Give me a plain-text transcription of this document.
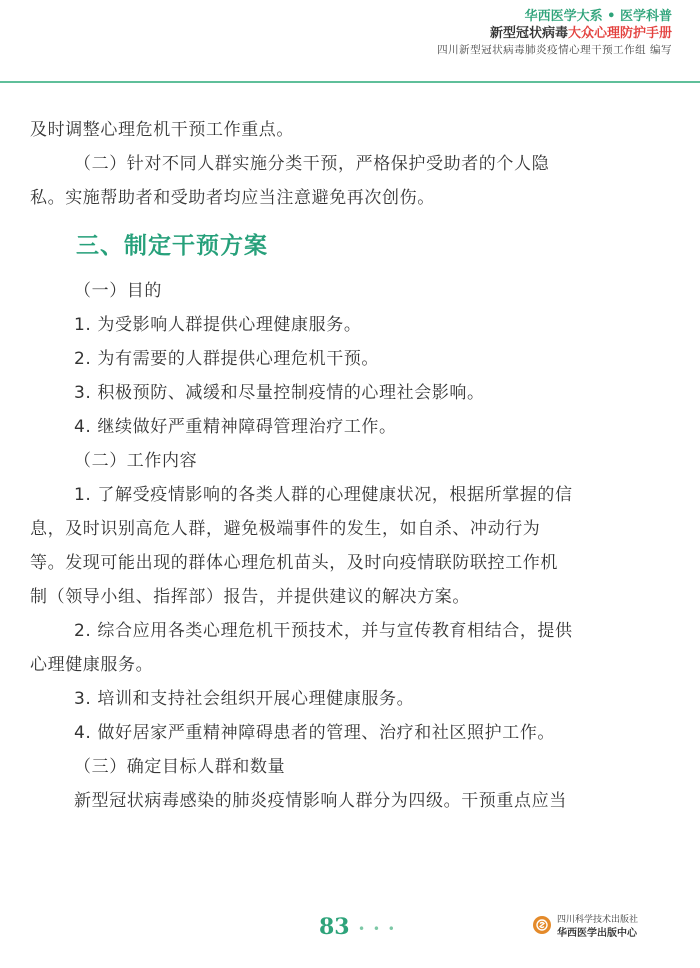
华西医学大系 • 医学科普
新型冠状病毒大众心理防护手册
四川新型冠状病毒肺炎疫情心理干预工作组 编写

及时调整心理危机干预工作重点。

（二）针对不同人群实施分类干预，严格保护受助者的个人隐

私。实施帮助者和受助者均应当注意避免再次创伤。

三、制定干预方案

（一）目的

1. 为受影响人群提供心理健康服务。

2. 为有需要的人群提供心理危机干预。

3. 积极预防、减缓和尽量控制疫情的心理社会影响。

4. 继续做好严重精神障碍管理治疗工作。

（二）工作内容

1. 了解受疫情影响的各类人群的心理健康状况，根据所掌握的信

息，及时识别高危人群，避免极端事件的发生，如自杀、冲动行为

等。发现可能出现的群体心理危机苗头，及时向疫情联防联控工作机

制（领导小组、指挥部）报告，并提供建议的解决方案。

2. 综合应用各类心理危机干预技术，并与宣传教育相结合，提供

心理健康服务。

3. 培训和支持社会组织开展心理健康服务。

4. 做好居家严重精神障碍患者的管理、治疗和社区照护工作。

（三）确定目标人群和数量

新型冠状病毒感染的肺炎疫情影响人群分为四级。干预重点应当

83 • • •
四川科学技术出版社
华西医学出版中心
